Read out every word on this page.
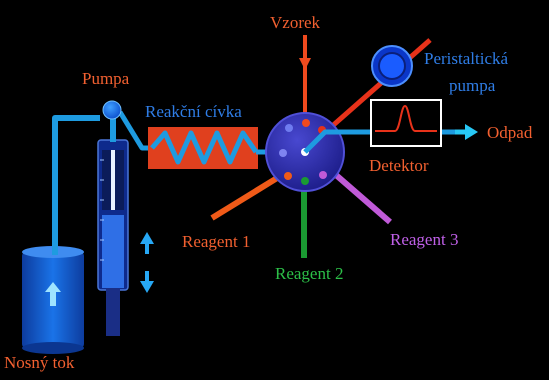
Pumpa
Vzorek
Peristaltická
pumpa
Reakční cívka
Odpad
Detektor
Reagent 1
Reagent 2
Reagent 3
Nosný tok
